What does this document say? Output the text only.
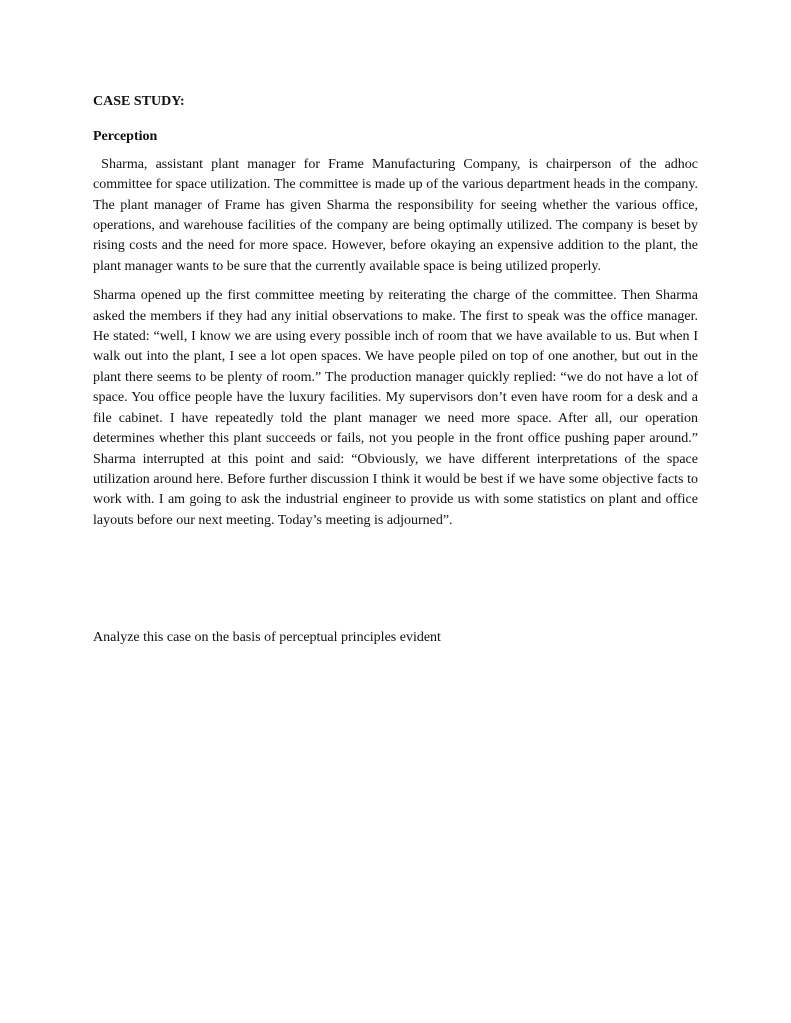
CASE STUDY:

Perception

Sharma, assistant plant manager for Frame Manufacturing Company, is chairperson of the adhoc committee for space utilization. The committee is made up of the various department heads in the company. The plant manager of Frame has given Sharma the responsibility for seeing whether the various office, operations, and warehouse facilities of the company are being optimally utilized. The company is beset by rising costs and the need for more space. However, before okaying an expensive addition to the plant, the plant manager wants to be sure that the currently available space is being utilized properly.

Sharma opened up the first committee meeting by reiterating the charge of the committee. Then Sharma asked the members if they had any initial observations to make. The first to speak was the office manager. He stated: “well, I know we are using every possible inch of room that we have available to us. But when I walk out into the plant, I see a lot open spaces. We have people piled on top of one another, but out in the plant there seems to be plenty of room.” The production manager quickly replied: “we do not have a lot of space. You office people have the luxury facilities. My supervisors don’t even have room for a desk and a file cabinet. I have repeatedly told the plant manager we need more space. After all, our operation determines whether this plant succeeds or fails, not you people in the front office pushing paper around.” Sharma interrupted at this point and said: “Obviously, we have different interpretations of the space utilization around here. Before further discussion I think it would be best if we have some objective facts to work with. I am going to ask the industrial engineer to provide us with some statistics on plant and office layouts before our next meeting. Today’s meeting is adjourned”.

Analyze this case on the basis of perceptual principles evident
